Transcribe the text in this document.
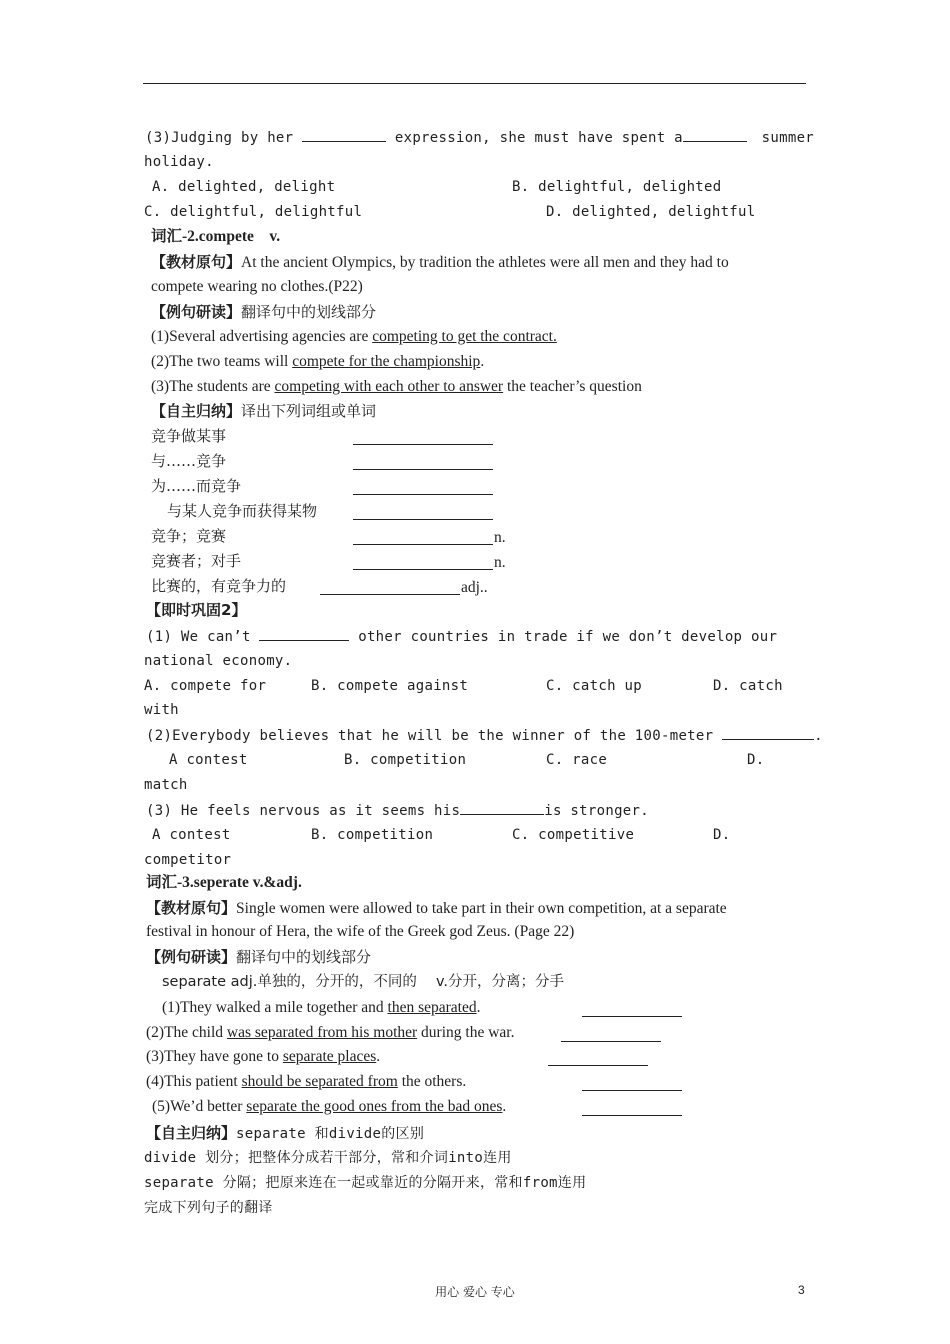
(3)Judging by her	expression, she must have spent a	summer
holiday.
A. delighted, delight	B. delightful, delighted
C. delightful, delightful	D. delighted, delightful
词汇-2.compete　v.
【教材原句】At the ancient Olympics, by tradition the athletes were all men and they had to
compete wearing no clothes.(P22)
【例句研读】翻译句中的划线部分
(1)Several advertising agencies are competing to get the contract.
(2)The two teams will compete for the championship.
(3)The students are competing with each other to answer the teacher’s question
【自主归纳】译出下列词组或单词
竞争做某事
与……竞争
为……而竞争
与某人竞争而获得某物
竞争；竞赛	n.
竞赛者；对手	n.
比赛的，有竞争力的	adj..
【即时巩固2】
(1) We can’t	other countries in trade if we don’t develop our
national economy.
A. compete for	B. compete against	C. catch up	D. catch
with
(2)Everybody believes that he will be the winner of the 100-meter	.
A contest	B. competition	C. race	D.
match
(3) He feels nervous as it seems his	is stronger.
A contest	B. competition	C. competitive	D.
competitor
词汇-3.seperate v.&adj.
【教材原句】Single women were allowed to take part in their own competition, at a separate
festival in honour of Hera, the wife of the Greek god Zeus. (Page 22)
【例句研读】翻译句中的划线部分
separate adj.单独的，分开的，不同的　 v.分开，分离；分手
(1)They walked a mile together and then separated.
(2)The child was separated from his mother during the war.
(3)They have gone to separate places.
(4)This patient should be separated from the others.
(5)We’d better separate the good ones from the bad ones.
【自主归纳】separate 和divide的区别
divide 划分；把整体分成若干部分，常和介词into连用
separate 分隔；把原来连在一起或靠近的分隔开来，常和from连用
完成下列句子的翻译
用心 爱心 专心	3
